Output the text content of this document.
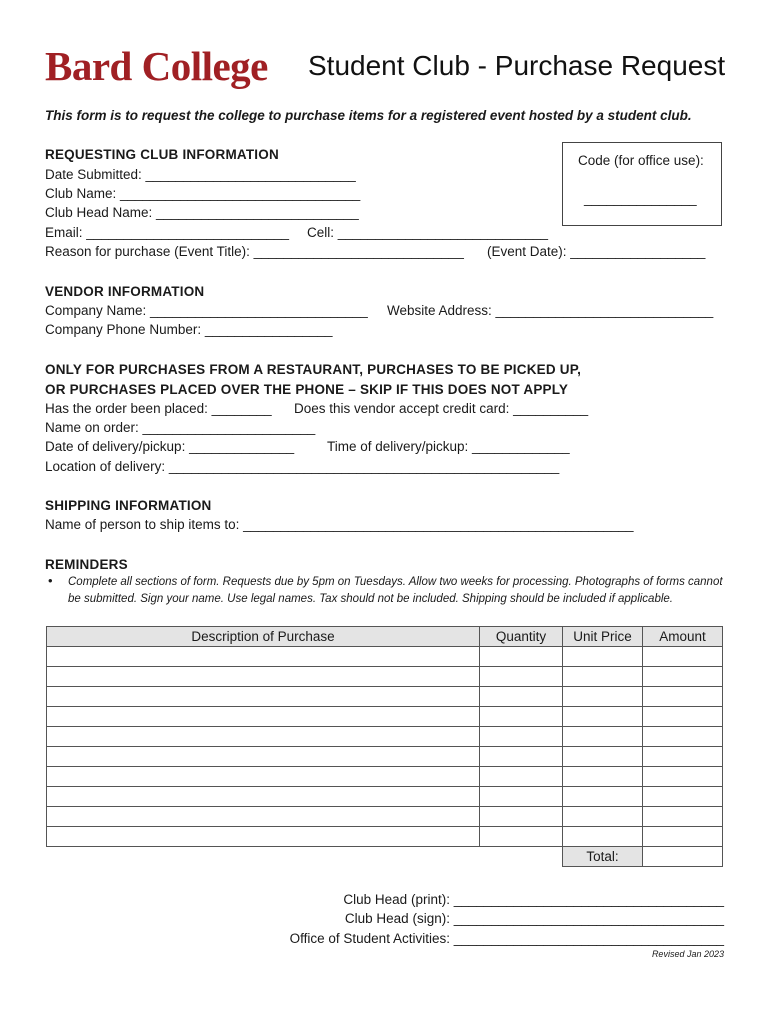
Bard College Student Club - Purchase Request
This form is to request the college to purchase items for a registered event hosted by a student club.
REQUESTING CLUB INFORMATION
Date Submitted: ____________________________
Club Name: ________________________________
Club Head Name: ___________________________
Email: ___________________________ Cell: ____________________________
Reason for purchase (Event Title): ____________________________ (Event Date): __________________
Code (for office use):
_______________
VENDOR INFORMATION
Company Name: _____________________________ Website Address: _____________________________
Company Phone Number: _________________
ONLY FOR PURCHASES FROM A RESTAURANT, PURCHASES TO BE PICKED UP,
OR PURCHASES PLACED OVER THE PHONE – SKIP IF THIS DOES NOT APPLY
Has the order been placed: ________ Does this vendor accept credit card: __________
Name on order: _______________________
Date of delivery/pickup: ______________ Time of delivery/pickup: _____________
Location of delivery: ____________________________________________________
SHIPPING INFORMATION
Name of person to ship items to: ____________________________________________________
REMINDERS
• Complete all sections of form. Requests due by 5pm on Tuesdays. Allow two weeks for processing. Photographs of forms cannot
be submitted. Sign your name. Use legal names. Tax should not be included. Shipping should be included if applicable.
Description of Purchase	Quantity	Unit Price	Amount

		Total:	
Club Head (print): ____________________________________
Club Head (sign): ____________________________________
Office of Student Activities: ____________________________________
Revised Jan 2023
